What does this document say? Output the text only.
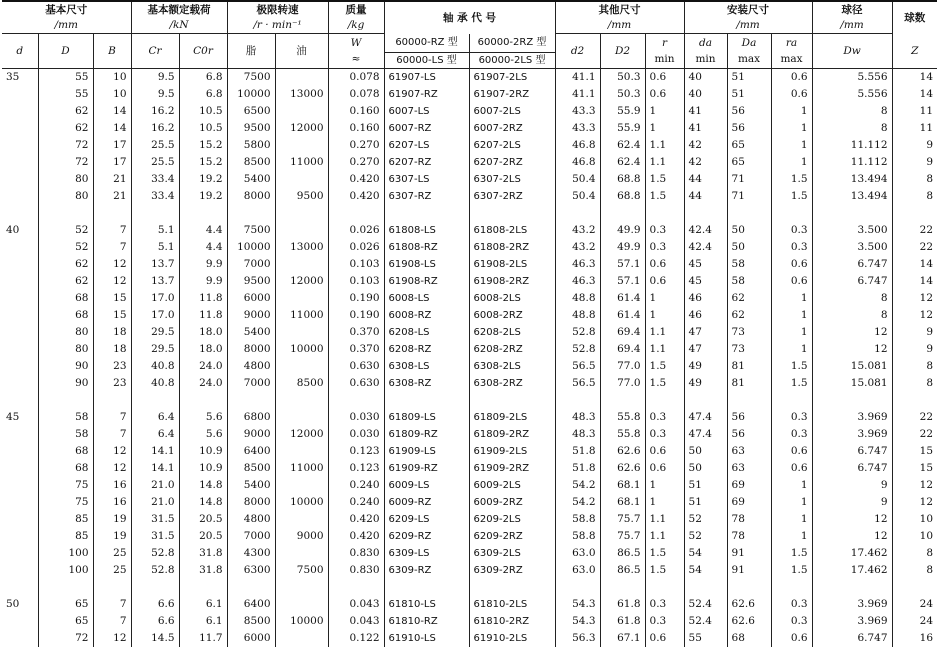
基本尺寸			基本额定载荷		极限转速		质量	轴 承 代 号		其他尺寸			安装尺寸			球径	球数
/mm			/kN		/r · min⁻¹		/kg			/mm			/mm			/mm	
d	D	B	Cr	C0r	脂	油	W	60000-RZ 型	60000-2RZ 型	d2	D2	r	da	Da	ra	Dw	Z
							≈	60000-LS 型	60000-2LS 型			min	min	max	max		
35	55	10	9.5	6.8	7500		0.078	61907-LS	61907-2LS	41.1	50.3	0.6	40	51	0.6	5.556	14
	55	10	9.5	6.8	10000	13000	0.078	61907-RZ	61907-2RZ	41.1	50.3	0.6	40	51	0.6	5.556	14
	62	14	16.2	10.5	6500		0.160	6007-LS	6007-2LS	43.3	55.9	1	41	56	1	8	11
	62	14	16.2	10.5	9500	12000	0.160	6007-RZ	6007-2RZ	43.3	55.9	1	41	56	1	8	11
	72	17	25.5	15.2	5800		0.270	6207-LS	6207-2LS	46.8	62.4	1.1	42	65	1	11.112	9
	72	17	25.5	15.2	8500	11000	0.270	6207-RZ	6207-2RZ	46.8	62.4	1.1	42	65	1	11.112	9
	80	21	33.4	19.2	5400		0.420	6307-LS	6307-2LS	50.4	68.8	1.5	44	71	1.5	13.494	8
	80	21	33.4	19.2	8000	9500	0.420	6307-RZ	6307-2RZ	50.4	68.8	1.5	44	71	1.5	13.494	8

40	52	7	5.1	4.4	7500		0.026	61808-LS	61808-2LS	43.2	49.9	0.3	42.4	50	0.3	3.500	22
	52	7	5.1	4.4	10000	13000	0.026	61808-RZ	61808-2RZ	43.2	49.9	0.3	42.4	50	0.3	3.500	22
	62	12	13.7	9.9	7000		0.103	61908-LS	61908-2LS	46.3	57.1	0.6	45	58	0.6	6.747	14
	62	12	13.7	9.9	9500	12000	0.103	61908-RZ	61908-2RZ	46.3	57.1	0.6	45	58	0.6	6.747	14
	68	15	17.0	11.8	6000		0.190	6008-LS	6008-2LS	48.8	61.4	1	46	62	1	8	12
	68	15	17.0	11.8	9000	11000	0.190	6008-RZ	6008-2RZ	48.8	61.4	1	46	62	1	8	12
	80	18	29.5	18.0	5400		0.370	6208-LS	6208-2LS	52.8	69.4	1.1	47	73	1	12	9
	80	18	29.5	18.0	8000	10000	0.370	6208-RZ	6208-2RZ	52.8	69.4	1.1	47	73	1	12	9
	90	23	40.8	24.0	4800		0.630	6308-LS	6308-2LS	56.5	77.0	1.5	49	81	1.5	15.081	8
	90	23	40.8	24.0	7000	8500	0.630	6308-RZ	6308-2RZ	56.5	77.0	1.5	49	81	1.5	15.081	8

45	58	7	6.4	5.6	6800		0.030	61809-LS	61809-2LS	48.3	55.8	0.3	47.4	56	0.3	3.969	22
	58	7	6.4	5.6	9000	12000	0.030	61809-RZ	61809-2RZ	48.3	55.8	0.3	47.4	56	0.3	3.969	22
	68	12	14.1	10.9	6400		0.123	61909-LS	61909-2LS	51.8	62.6	0.6	50	63	0.6	6.747	15
	68	12	14.1	10.9	8500	11000	0.123	61909-RZ	61909-2RZ	51.8	62.6	0.6	50	63	0.6	6.747	15
	75	16	21.0	14.8	5400		0.240	6009-LS	6009-2LS	54.2	68.1	1	51	69	1	9	12
	75	16	21.0	14.8	8000	10000	0.240	6009-RZ	6009-2RZ	54.2	68.1	1	51	69	1	9	12
	85	19	31.5	20.5	4800		0.420	6209-LS	6209-2LS	58.8	75.7	1.1	52	78	1	12	10
	85	19	31.5	20.5	7000	9000	0.420	6209-RZ	6209-2RZ	58.8	75.7	1.1	52	78	1	12	10
	100	25	52.8	31.8	4300		0.830	6309-LS	6309-2LS	63.0	86.5	1.5	54	91	1.5	17.462	8
	100	25	52.8	31.8	6300	7500	0.830	6309-RZ	6309-2RZ	63.0	86.5	1.5	54	91	1.5	17.462	8

50	65	7	6.6	6.1	6400		0.043	61810-LS	61810-2LS	54.3	61.8	0.3	52.4	62.6	0.3	3.969	24
	65	7	6.6	6.1	8500	10000	0.043	61810-RZ	61810-2RZ	54.3	61.8	0.3	52.4	62.6	0.3	3.969	24
	72	12	14.5	11.7	6000		0.122	61910-LS	61910-2LS	56.3	67.1	0.6	55	68	0.6	6.747	16
